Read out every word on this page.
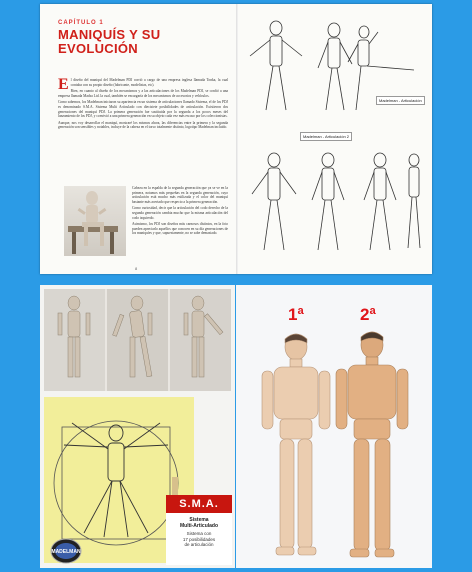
CAPÍTULO 1
MANIQUÍS Y SU
EVOLUCIÓN

El diseño del maniquí del Madelman PDJ corrió a cargo de una empresa inglesa llamada Tonka, la cual contaba con su propio diseño (fabricante, modelistas, etc).

Bien, en cuanto al diseño de los mecanismos y a las articulaciones de los Madelman PDJ, se confió a una empresa llamada Madsa Ltd. la cual, también se encargaría de los mecanismos de accesorios y vehículos.

Como sabemos, los Madelman iniciaron su apariencia en un sistema de articulaciones llamado Sistema, el de los PDJ es denominado S.M.A. Sistema Multi Articulado con diecisiete posibilidades de articulación. Existieron dos generaciones del maniquí PDJ. La primera generación fue sustituida por la segunda a los pocos meses del lanzamiento de los PDJ, y convivió a una primera generación en su objeto cada vez más escaso por los coleccionistas.

Aunque, nos voy desarrollar el maniquí, mostraré los mismos ahora, las diferencias entre la primera y la segunda generación son sensibles y notables, incluye de la cabeza en el torso totalmente distinto, logotipo Madelman incluido.

Cabeza en la espalda de la segunda generación que ya se ve en la primera, notamos más pequeñas en la segunda generación, cuyo articulación está mucho más estilizada y el color del maniquí bastante más acertado que respecto a la primera generación.

Como curiosidad, decir que la articulación del codo derecho de la segunda generación cambia mucho que la misma articulación del codo izquierdo.

Asimismo, los PDJ son diseños más carnosos distintos, en la foto pueden apreciarlo aquellos que conocen en su día generaciones de los maniquíes y que, supuestamente, no se sabe demasiado.

8
Madelman - Articulación
Madelman - Articulación 2
S.M.A.
Sistema
Multi-Articulado
Sistema con
17 posibilidades
de articulación
MADELMAN
1ª	2ª
